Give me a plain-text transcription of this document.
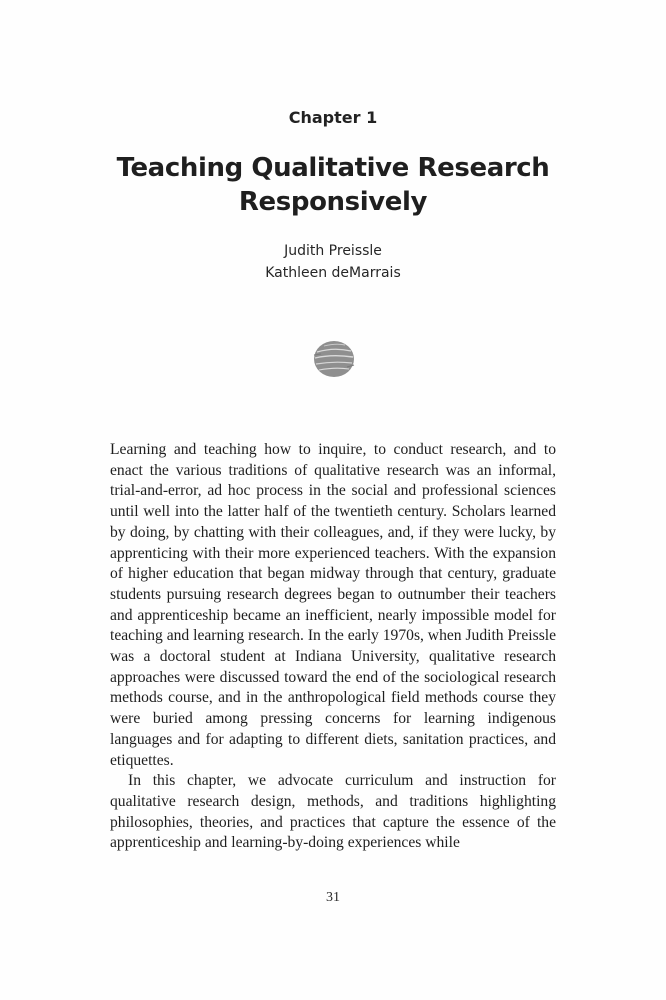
Chapter 1
Teaching Qualitative Research
Responsively
Judith Preissle
Kathleen deMarrais

Learning and teaching how to inquire, to conduct research, and to enact the various traditions of qualitative research was an informal, trial-and-error, ad hoc process in the social and professional sciences until well into the latter half of the twentieth century. Scholars learned by doing, by chatting with their colleagues, and, if they were lucky, by apprenticing with their more experienced teachers. With the expansion of higher education that began midway through that century, graduate students pursuing research degrees began to outnumber their teachers and apprenticeship became an inefficient, nearly impossible model for teaching and learning research. In the early 1970s, when Judith Preissle was a doctoral student at Indiana University, qualitative research approaches were discussed toward the end of the sociological research methods course, and in the anthropological field methods course they were buried among pressing concerns for learning indigenous languages and for adapting to different diets, sanitation practices, and etiquettes.

In this chapter, we advocate curriculum and instruction for qualitative research design, methods, and traditions highlighting philosophies, theories, and practices that capture the essence of the apprenticeship and learning-by-doing experiences while

31
